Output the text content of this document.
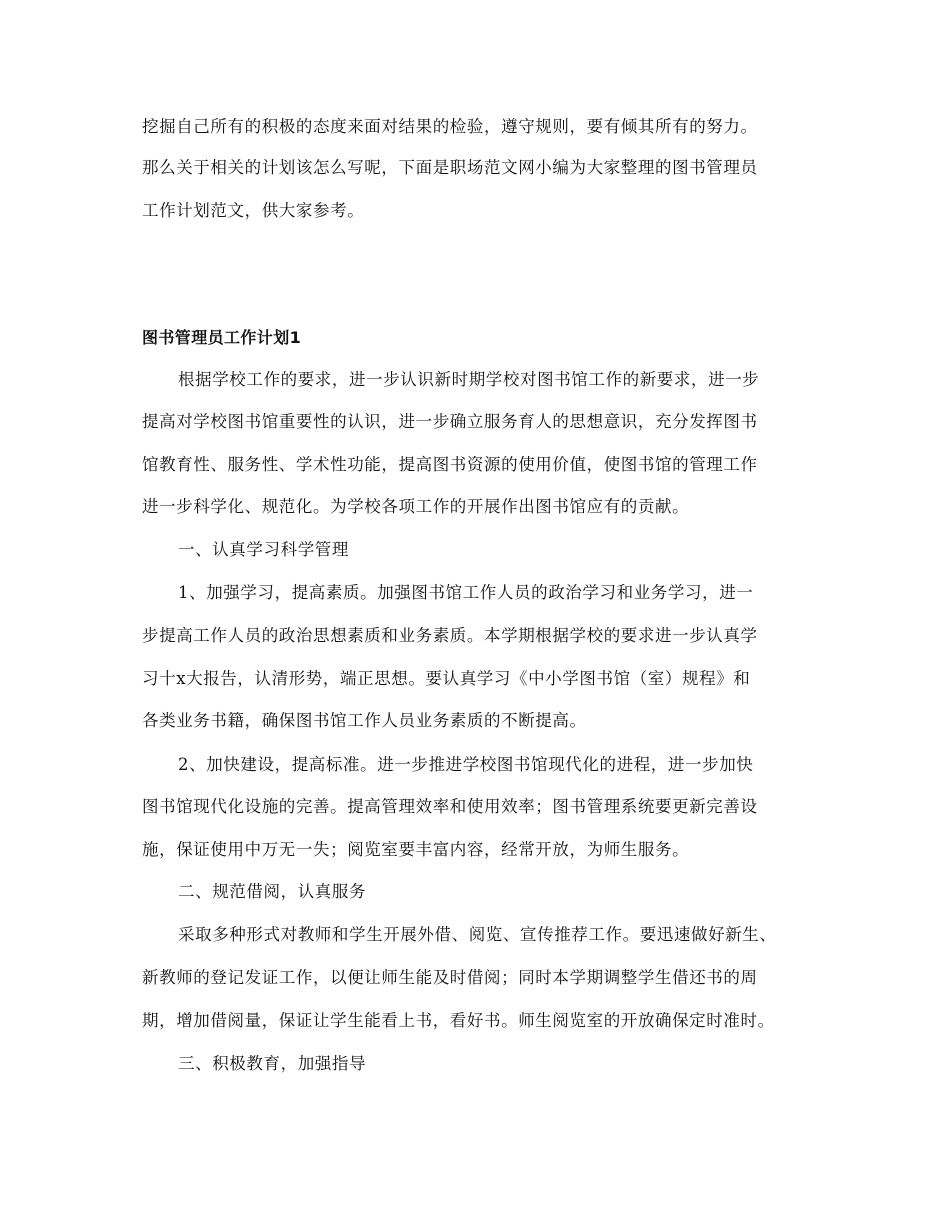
挖掘自己所有的积极的态度来面对结果的检验，遵守规则，要有倾其所有的努力。
那么关于相关的计划该怎么写呢，下面是职场范文网小编为大家整理的图书管理员
工作计划范文，供大家参考。
图书管理员工作计划1
根据学校工作的要求，进一步认识新时期学校对图书馆工作的新要求，进一步
提高对学校图书馆重要性的认识，进一步确立服务育人的思想意识，充分发挥图书
馆教育性、服务性、学术性功能，提高图书资源的使用价值，使图书馆的管理工作
进一步科学化、规范化。为学校各项工作的开展作出图书馆应有的贡献。
一、认真学习科学管理
1、加强学习，提高素质。加强图书馆工作人员的政治学习和业务学习，进一
步提高工作人员的政治思想素质和业务素质。本学期根据学校的要求进一步认真学
习十x大报告，认清形势，端正思想。要认真学习《中小学图书馆（室）规程》和
各类业务书籍，确保图书馆工作人员业务素质的不断提高。
2、加快建设，提高标准。进一步推进学校图书馆现代化的进程，进一步加快
图书馆现代化设施的完善。提高管理效率和使用效率；图书管理系统要更新完善设
施，保证使用中万无一失；阅览室要丰富内容，经常开放，为师生服务。
二、规范借阅，认真服务
采取多种形式对教师和学生开展外借、阅览、宣传推荐工作。要迅速做好新生、
新教师的登记发证工作，以便让师生能及时借阅；同时本学期调整学生借还书的周
期，增加借阅量，保证让学生能看上书，看好书。师生阅览室的开放确保定时准时。
三、积极教育，加强指导
